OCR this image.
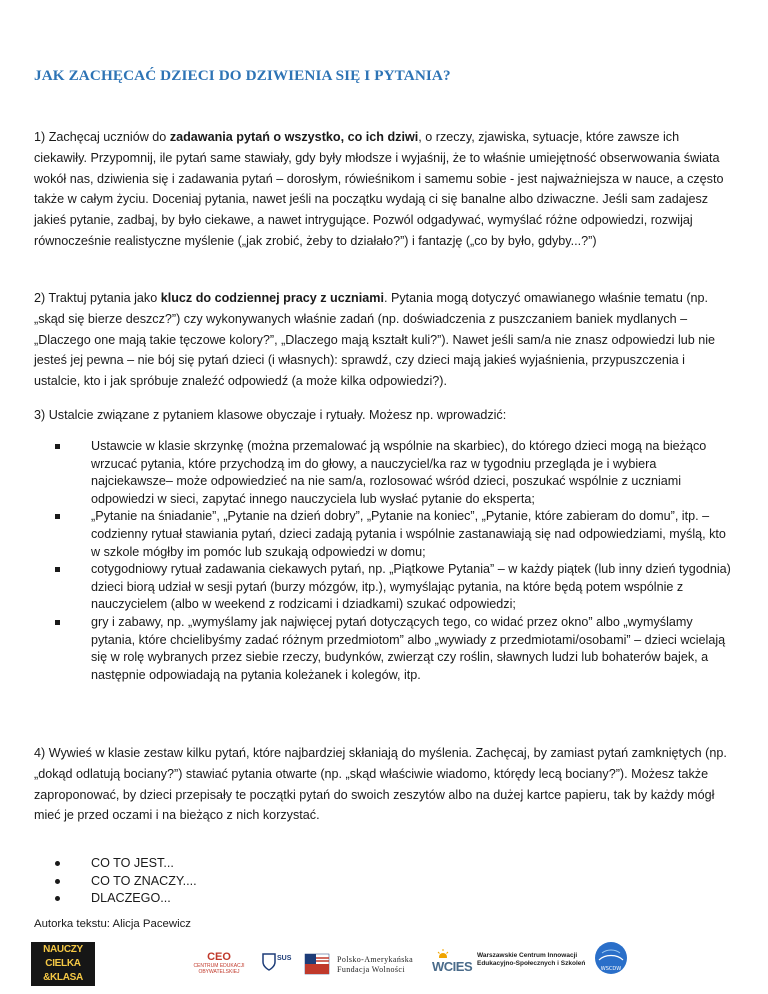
JAK ZACHĘCAĆ DZIECI DO DZIWIENIA SIĘ I PYTANIA?

1) Zachęcaj uczniów do zadawania pytań o wszystko, co ich dziwi, o rzeczy, zjawiska, sytuacje, które zawsze ich ciekawiły. Przypomnij, ile pytań same stawiały, gdy były młodsze i wyjaśnij, że to właśnie umiejętność obserwowania świata wokół nas, dziwienia się i zadawania pytań – dorosłym, rówieśnikom i samemu sobie - jest najważniejsza w nauce, a często także w całym życiu. Doceniaj pytania, nawet jeśli na początku wydają ci się banalne albo dziwaczne. Jeśli sam zadajesz jakieś pytanie, zadbaj, by było ciekawe, a nawet intrygujące. Pozwól odgadywać, wymyślać różne odpowiedzi, rozwijaj równocześnie realistyczne myślenie („jak zrobić, żeby to działało?”) i fantazję („co by było, gdyby...?”)

2) Traktuj pytania jako klucz do codziennej pracy z uczniami. Pytania mogą dotyczyć omawianego właśnie tematu (np. „skąd się bierze deszcz?”) czy wykonywanych właśnie zadań (np. doświadczenia z puszczaniem baniek mydlanych – „Dlaczego one mają takie tęczowe kolory?”, „Dlaczego mają kształt kuli?”). Nawet jeśli sam/a nie znasz odpowiedzi lub nie jesteś jej pewna – nie bój się pytań dzieci (i własnych): sprawdź, czy dzieci mają jakieś wyjaśnienia, przypuszczenia i ustalcie, kto i jak spróbuje znaleźć odpowiedź (a może kilka odpowiedzi?).

3) Ustalcie związane z pytaniem klasowe obyczaje i rytuały. Możesz np. wprowadzić:

Ustawcie w klasie skrzynkę (można przemalować ją wspólnie na skarbiec), do którego dzieci mogą na bieżąco wrzucać pytania, które przychodzą im do głowy, a nauczyciel/ka raz w tygodniu przegląda je i wybiera najciekawsze– może odpowiedzieć na nie sam/a, rozlosować wśród dzieci, poszukać wspólnie z uczniami odpowiedzi w sieci, zapytać innego nauczyciela lub wysłać pytanie do eksperta;
„Pytanie na śniadanie”, „Pytanie na dzień dobry”, „Pytanie na koniec”, „Pytanie, które zabieram do domu”, itp. – codzienny rytuał stawiania pytań, dzieci zadają pytania i wspólnie zastanawiają się nad odpowiedziami, myślą, kto w szkole mógłby im pomóc lub szukają odpowiedzi w domu;
cotygodniowy rytuał zadawania ciekawych pytań, np. „Piątkowe Pytania” – w każdy piątek (lub inny dzień tygodnia) dzieci biorą udział w sesji pytań (burzy mózgów, itp.), wymyślając pytania, na które będą potem wspólnie z nauczycielem (albo w weekend z rodzicami i dziadkami) szukać odpowiedzi;
gry i zabawy, np. „wymyślamy jak najwięcej pytań dotyczących tego, co widać przez okno” albo „wymyślamy pytania, które chcielibyśmy zadać różnym przedmiotom” albo „wywiady z przedmiotami/osobami” – dzieci wcielają się w rolę wybranych przez siebie rzeczy, budynków, zwierząt czy roślin, sławnych ludzi lub bohaterów bajek, a następnie odpowiadają na pytania koleżanek i kolegów, itp.

4) Wywieś w klasie zestaw kilku pytań, które najbardziej skłaniają do myślenia. Zachęcaj, by zamiast pytań zamkniętych (np. „dokąd odlatują bociany?”) stawiać pytania otwarte (np. „skąd właściwie wiadomo, którędy lecą bociany?”). Możesz także zaproponować, by dzieci przepisały te początki pytań do swoich zeszytów albo na dużej kartce papieru, tak by każdy mógł mieć je przed oczami i na bieżąco z nich korzystać.

CO TO JEST...
CO TO ZNACZY....
DLACZEGO...
Autorka tekstu: Alicja Pacewicz
NAUCZY
CIELKA
&KLASA
CEO
CENTRUM EDUKACJI OBYWATELSKIEJ
SUS	Polsko-Amerykańska
Fundacja Wolności	WCIES
Warszawskie Centrum Innowacji
Edukacyjno-Społecznych i Szkoleń
WSCDW
